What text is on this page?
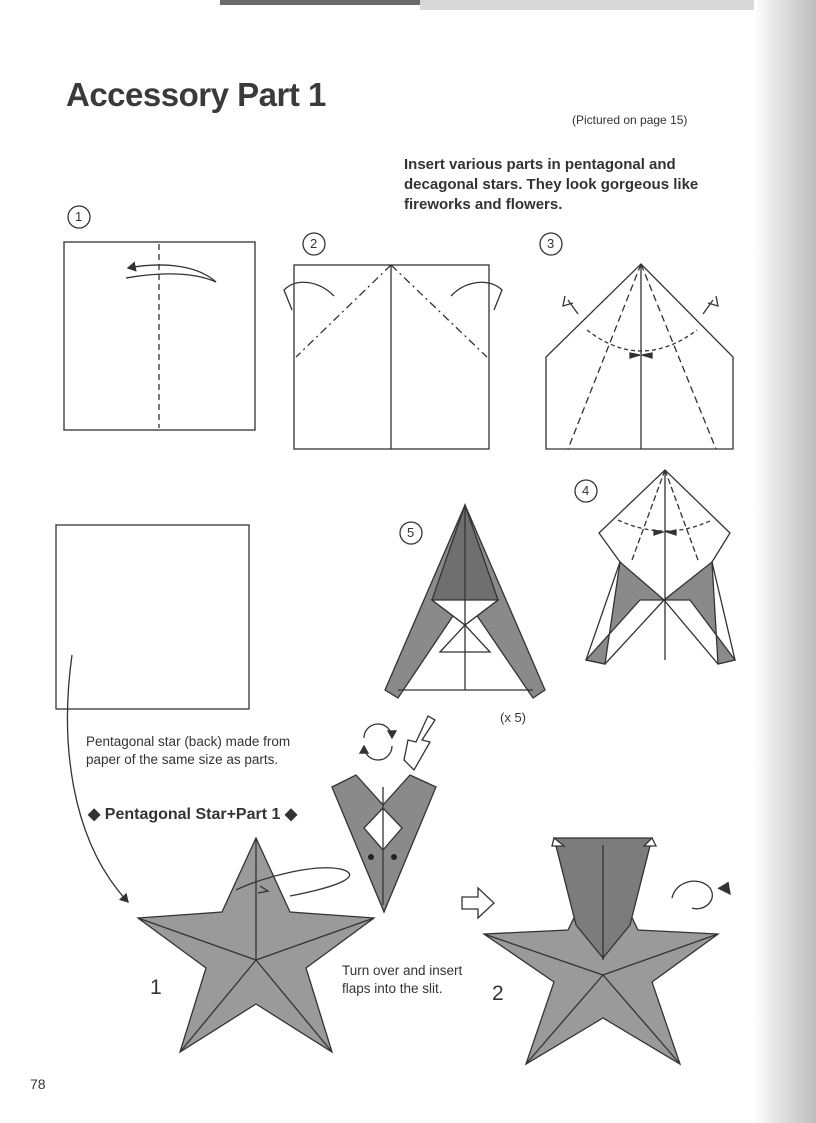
Accessory Part 1
(Pictured on page 15)
Insert various parts in pentagonal and decagonal stars. They look gorgeous like fireworks and flowers.
1
2	3
4
5
(x 5)
Pentagonal star (back) made from paper of the same size as parts.
◆ Pentagonal Star+Part 1 ◆
Turn over and insert flaps into the slit.
1	2
78
